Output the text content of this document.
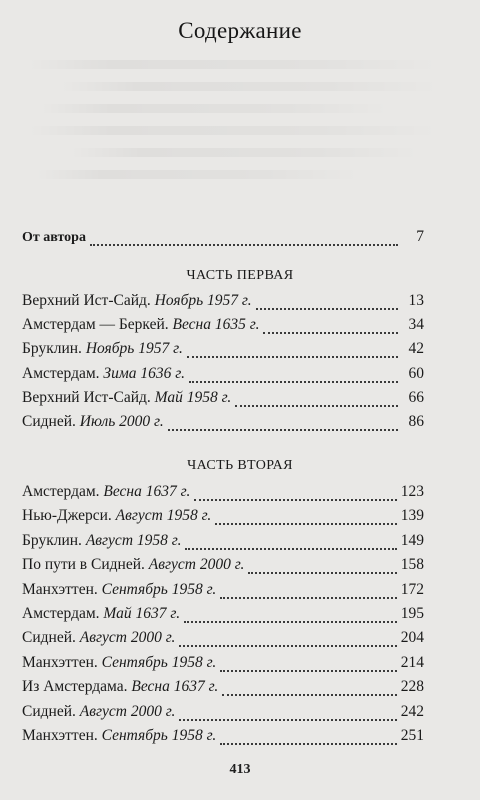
Содержание
От автора	7
ЧАСТЬ ПЕРВАЯ
Верхний Ист-Сайд. Ноябрь 1957 г.	13
Амстердам — Беркей. Весна 1635 г.	34
Бруклин. Ноябрь 1957 г.	42
Амстердам. Зима 1636 г.	60
Верхний Ист-Сайд. Май 1958 г.	66
Сидней. Июль 2000 г.	86
ЧАСТЬ ВТОРАЯ
Амстердам. Весна 1637 г.	123
Нью-Джерси. Август 1958 г.	139
Бруклин. Август 1958 г.	149
По пути в Сидней. Август 2000 г.	158
Манхэттен. Сентябрь 1958 г.	172
Амстердам. Май 1637 г.	195
Сидней. Август 2000 г.	204
Манхэттен. Сентябрь 1958 г.	214
Из Амстердама. Весна 1637 г.	228
Сидней. Август 2000 г.	242
Манхэттен. Сентябрь 1958 г.	251
413
